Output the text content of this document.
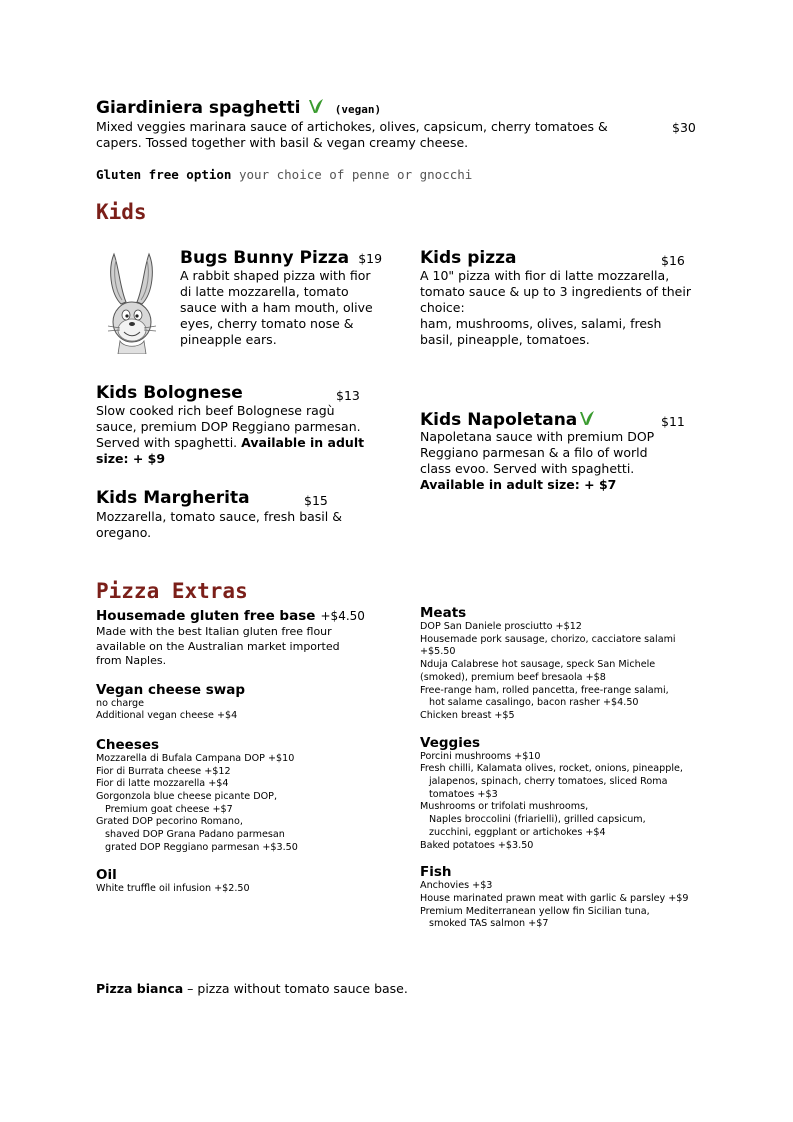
Giardiniera spaghetti	(vegan)
Mixed veggies marinara sauce of artichokes, olives, capsicum, cherry tomatoes & capers. Tossed together with basil & vegan creamy cheese.
$30
Gluten free option your choice of penne or gnocchi
Kids
Bugs Bunny Pizza $19
A rabbit shaped pizza with fior di latte mozzarella, tomato sauce with a ham mouth, olive eyes, cherry tomato nose & pineapple ears.
Kids pizza	$16
A 10" pizza with fior di latte mozzarella, tomato sauce & up to 3 ingredients of their choice:
ham, mushrooms, olives, salami, fresh basil, pineapple, tomatoes.
Kids Bolognese	$13
Slow cooked rich beef Bolognese ragù sauce, premium DOP Reggiano parmesan. Served with spaghetti. Available in adult size: + $9
Kids Napoletana	$11
Napoletana sauce with premium DOP Reggiano parmesan & a filo of world class evoo. Served with spaghetti. Available in adult size: + $7
Kids Margherita	$15
Mozzarella, tomato sauce, fresh basil & oregano.
Pizza Extras
Housemade gluten free base +$4.50
Made with the best Italian gluten free flour available on the Australian market imported from Naples.
Vegan cheese swap
no charge
Additional vegan cheese +$4
Cheeses
Mozzarella di Bufala Campana DOP +$10
Fior di Burrata cheese +$12
Fior di latte mozzarella +$4
Gorgonzola blue cheese picante DOP,
Premium goat cheese +$7
Grated DOP pecorino Romano,
shaved DOP Grana Padano parmesan
grated DOP Reggiano parmesan +$3.50
Oil
White truffle oil infusion +$2.50
Meats
DOP San Daniele prosciutto +$12
Housemade pork sausage, chorizo, cacciatore salami
+$5.50
Nduja Calabrese hot sausage, speck San Michele
(smoked), premium beef bresaola +$8
Free-range ham, rolled pancetta, free-range salami,
hot salame casalingo, bacon rasher +$4.50
Chicken breast +$5
Veggies
Porcini mushrooms +$10
Fresh chilli, Kalamata olives, rocket, onions, pineapple,
jalapenos, spinach, cherry tomatoes, sliced Roma
tomatoes +$3
Mushrooms or trifolati mushrooms,
Naples broccolini (friarielli), grilled capsicum,
zucchini, eggplant or artichokes +$4
Baked potatoes +$3.50
Fish
Anchovies +$3
House marinated prawn meat with garlic & parsley +$9
Premium Mediterranean yellow fin Sicilian tuna,
smoked TAS salmon +$7
Pizza bianca – pizza without tomato sauce base.
